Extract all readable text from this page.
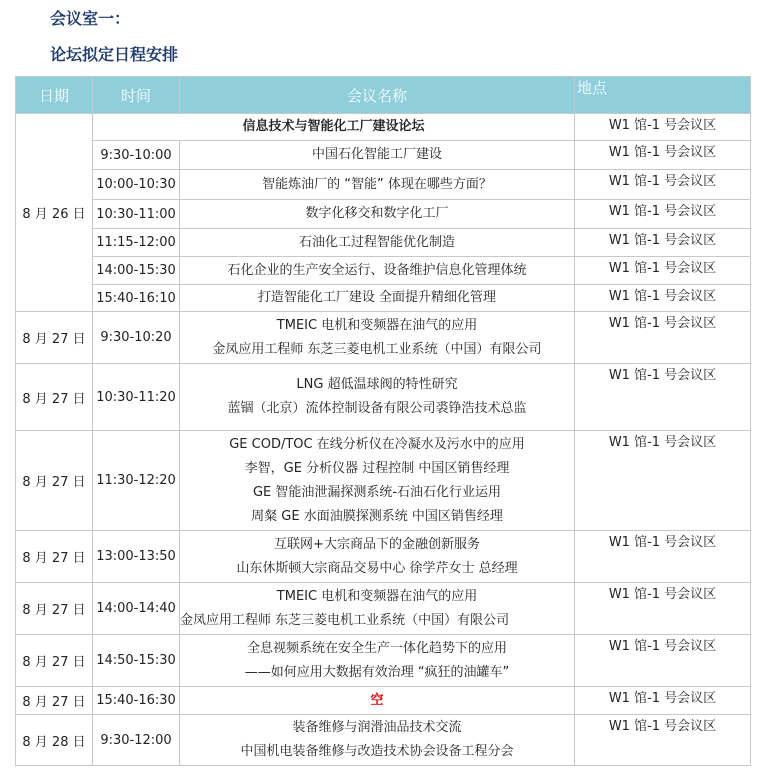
会议室一：
论坛拟定日程安排
日期	时间	会议名称	地点
8 月 26 日	信息技术与智能化工厂建设论坛		W1 馆-1 号会议区
	9:30-10:00	中国石化智能工厂建设	W1 馆-1 号会议区
	10:00-10:30	智能炼油厂的 “智能” 体现在哪些方面？	W1 馆-1 号会议区
	10:30-11:00	数字化移交和数字化工厂	W1 馆-1 号会议区
	11:15-12:00	石油化工过程智能优化制造	W1 馆-1 号会议区
	14:00-15:30	石化企业的生产安全运行、设备维护信息化管理体统	W1 馆-1 号会议区
	15:40-16:10	打造智能化工厂建设 全面提升精细化管理	W1 馆-1 号会议区
8 月 27 日	9:30-10:20	TMEIC 电机和变频器在油气的应用
金凤应用工程师 东芝三菱电机工业系统（中国）有限公司	W1 馆-1 号会议区
8 月 27 日	10:30-11:20	LNG 超低温球阀的特性研究
蓝锢（北京）流体控制设备有限公司裘铮浩技术总监	W1 馆-1 号会议区
8 月 27 日	11:30-12:20	GE COD/TOC 在线分析仪在冷凝水及污水中的应用
李智，GE 分析仪器 过程控制 中国区销售经理
GE 智能油泄漏探测系统-石油石化行业运用
周粲 GE 水面油膜探测系统 中国区销售经理	W1 馆-1 号会议区
8 月 27 日	13:00-13:50	互联网+大宗商品下的金融创新服务
山东休斯顿大宗商品交易中心 徐学芹女士 总经理	W1 馆-1 号会议区
8 月 27 日	14:00-14:40	TMEIC 电机和变频器在油气的应用
金凤应用工程师 东芝三菱电机工业系统（中国）有限公司	W1 馆-1 号会议区
8 月 27 日	14:50-15:30	全息视频系统在安全生产一体化趋势下的应用
——如何应用大数据有效治理 “疯狂的油罐车”	W1 馆-1 号会议区
8 月 27 日	15:40-16:30	空	W1 馆-1 号会议区
8 月 28 日	9:30-12:00	装备维修与润滑油品技术交流
中国机电装备维修与改造技术协会设备工程分会	W1 馆-1 号会议区
